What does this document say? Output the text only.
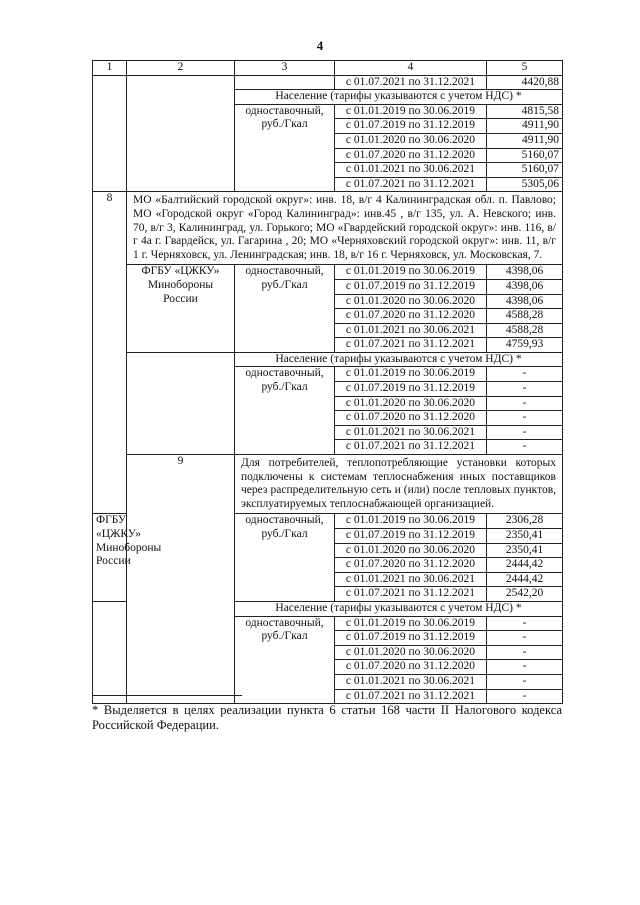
4
1	2	3	4	5
			с 01.07.2021 по 31.12.2021	4420,88
		Население (тарифы указываются с учетом НДС) *		
		одноставочный, руб./Гкал	с 01.01.2019 по 30.06.2019	4815,58
			с 01.07.2019 по 31.12.2019	4911,90
			с 01.01.2020 по 30.06.2020	4911,90
			с 01.07.2020 по 31.12.2020	5160,07
			с 01.01.2021 по 30.06.2021	5160,07
			с 01.07.2021 по 31.12.2021	5305,06
8	МО «Балтийский городской округ»: инв. 18, в/г 4 Калининградская обл. п. Павлово; МО «Городской округ «Город Калининград»: инв.45 , в/г 135, ул. А. Невского; инв. 70, в/г 3, Калининград, ул. Горького; МО «Гвардейский городской округ»: инв. 116, в/г 4а г. Гвардейск, ул. Гагарина , 20; МО «Черняховский городской округ»: инв. 11, в/г 1 г. Черняховск, ул. Ленинградская; инв. 18, в/г 16 г. Черняховск, ул. Московская, 7.			
	ФГБУ «ЦЖКУ» Минобороны России	одноставочный, руб./Гкал	с 01.01.2019 по 30.06.2019	4398,06
			с 01.07.2019 по 31.12.2019	4398,06
			с 01.01.2020 по 30.06.2020	4398,06
			с 01.07.2020 по 31.12.2020	4588,28
			с 01.01.2021 по 30.06.2021	4588,28
			с 01.07.2021 по 31.12.2021	4759,93
		Население (тарифы указываются с учетом НДС) *		
		одноставочный, руб./Гкал	с 01.01.2019 по 30.06.2019	-
			с 01.07.2019 по 31.12.2019	-
			с 01.01.2020 по 30.06.2020	-
			с 01.07.2020 по 31.12.2020	-
			с 01.01.2021 по 30.06.2021	-
			с 01.07.2021 по 31.12.2021	-
	9	Для потребителей, теплопотребляющие установки которых подключены к системам теплоснабжения иных поставщиков через распределительную сеть и (или) после тепловых пунктов, эксплуатируемых теплоснабжающей организацией.		
ФГБУ «ЦЖКУ» Минобороны России		одноставочный, руб./Гкал	с 01.01.2019 по 30.06.2019	2306,28
			с 01.07.2019 по 31.12.2019	2350,41
			с 01.01.2020 по 30.06.2020	2350,41
			с 01.07.2020 по 31.12.2020	2444,42
			с 01.01.2021 по 30.06.2021	2444,42
			с 01.07.2021 по 31.12.2021	2542,20
		Население (тарифы указываются с учетом НДС) *		
		одноставочный, руб./Гкал	с 01.01.2019 по 30.06.2019	-
			с 01.07.2019 по 31.12.2019	-
			с 01.01.2020 по 30.06.2020	-
			с 01.07.2020 по 31.12.2020	-
			с 01.01.2021 по 30.06.2021	-
			с 01.07.2021 по 31.12.2021	-
* Выделяется в целях реализации пункта 6 статьи 168 части II Налогового кодекса Российской Федерации.
